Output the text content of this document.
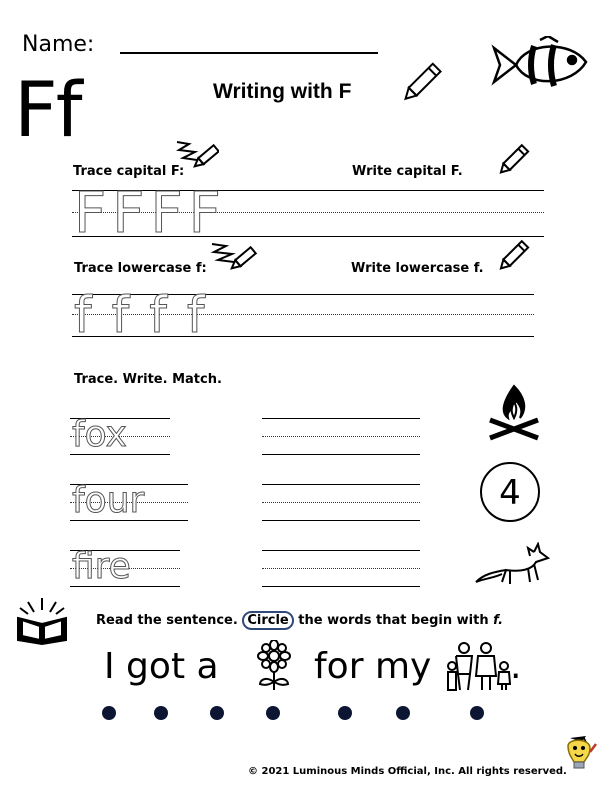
Name:
Ff	Writing with F
Trace capital F:	Write capital F.
FFFF
Trace lowercase f:	Write lowercase f.
ffff
Trace. Write. Match.
fox
four
fire
4
Read the sentence. Circle the words that begin with f.
I got a	for my .
© 2021 Luminous Minds Official, Inc. All rights reserved.
